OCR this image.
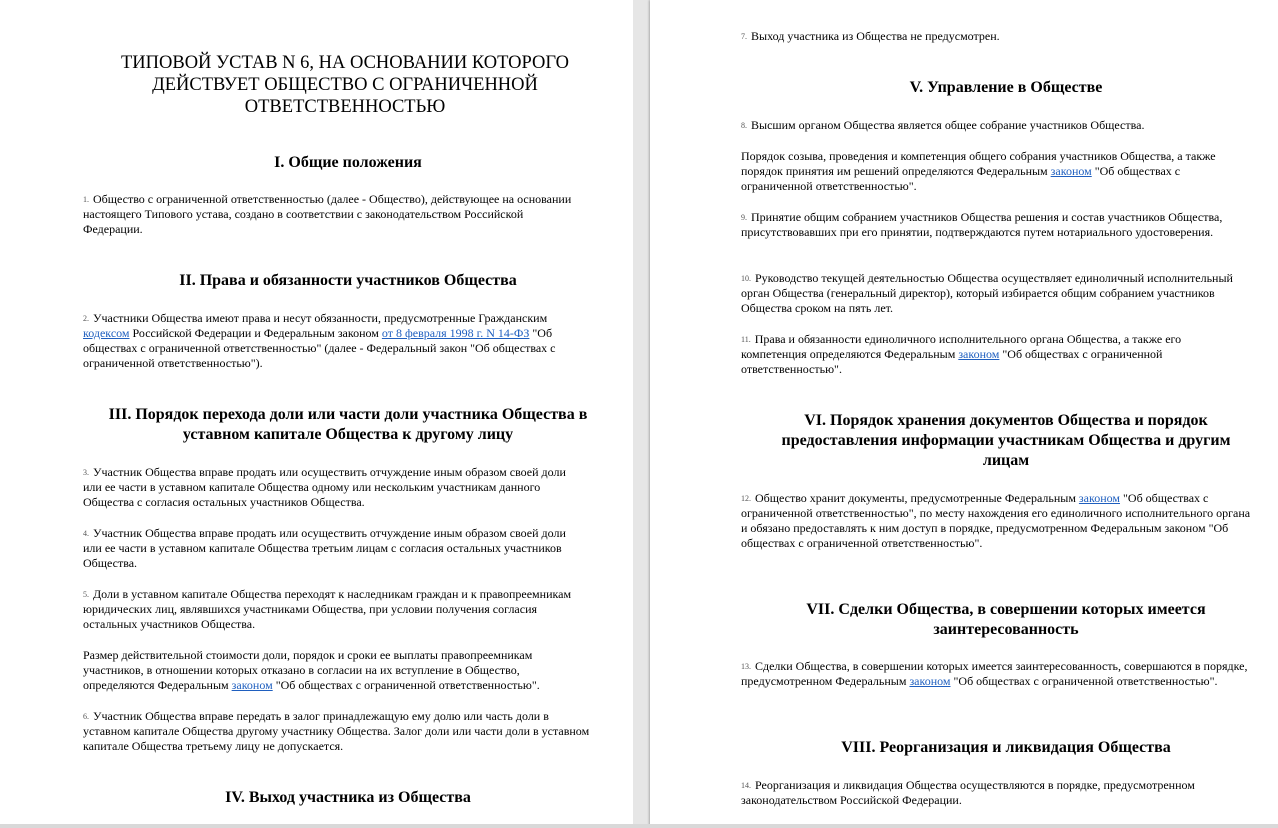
ТИПОВОЙ УСТАВ N 6, НА ОСНОВАНИИ КОТОРОГО ДЕЙСТВУЕТ ОБЩЕСТВО С ОГРАНИЧЕННОЙ ОТВЕТСТВЕННОСТЬЮ
I. Общие положения
1. Общество с ограниченной ответственностью (далее - Общество), действующее на основании настоящего Типового устава, создано в соответствии с законодательством Российской Федерации.
II. Права и обязанности участников Общества
2. Участники Общества имеют права и несут обязанности, предусмотренные Гражданским кодексом Российской Федерации и Федеральным законом от 8 февраля 1998 г. N 14-ФЗ "Об обществах с ограниченной ответственностью" (далее - Федеральный закон "Об обществах с ограниченной ответственностью").
III. Порядок перехода доли или части доли участника Общества в уставном капитале Общества к другому лицу
3. Участник Общества вправе продать или осуществить отчуждение иным образом своей доли или ее части в уставном капитале Общества одному или нескольким участникам данного Общества с согласия остальных участников Общества.
4. Участник Общества вправе продать или осуществить отчуждение иным образом своей доли или ее части в уставном капитале Общества третьим лицам с согласия остальных участников Общества.
5. Доли в уставном капитале Общества переходят к наследникам граждан и к правопреемникам юридических лиц, являвшихся участниками Общества, при условии получения согласия остальных участников Общества.
Размер действительной стоимости доли, порядок и сроки ее выплаты правопреемникам участников, в отношении которых отказано в согласии на их вступление в Общество, определяются Федеральным законом "Об обществах с ограниченной ответственностью".
6. Участник Общества вправе передать в залог принадлежащую ему долю или часть доли в уставном капитале Общества другому участнику Общества. Залог доли или части доли в уставном капитале Общества третьему лицу не допускается.
IV. Выход участника из Общества
7. Выход участника из Общества не предусмотрен.
V. Управление в Обществе
8. Высшим органом Общества является общее собрание участников Общества.
Порядок созыва, проведения и компетенция общего собрания участников Общества, а также порядок принятия им решений определяются Федеральным законом "Об обществах с ограниченной ответственностью".
9. Принятие общим собранием участников Общества решения и состав участников Общества, присутствовавших при его принятии, подтверждаются путем нотариального удостоверения.
10. Руководство текущей деятельностью Общества осуществляет единоличный исполнительный орган Общества (генеральный директор), который избирается общим собранием участников Общества сроком на пять лет.
11. Права и обязанности единоличного исполнительного органа Общества, а также его компетенция определяются Федеральным законом "Об обществах с ограниченной ответственностью".
VI. Порядок хранения документов Общества и порядок предоставления информации участникам Общества и другим лицам
12. Общество хранит документы, предусмотренные Федеральным законом "Об обществах с ограниченной ответственностью", по месту нахождения его единоличного исполнительного органа и обязано предоставлять к ним доступ в порядке, предусмотренном Федеральным законом "Об обществах с ограниченной ответственностью".
VII. Сделки Общества, в совершении которых имеется заинтересованность
13. Сделки Общества, в совершении которых имеется заинтересованность, совершаются в порядке, предусмотренном Федеральным законом "Об обществах с ограниченной ответственностью".
VIII. Реорганизация и ликвидация Общества
14. Реорганизация и ликвидация Общества осуществляются в порядке, предусмотренном законодательством Российской Федерации.
